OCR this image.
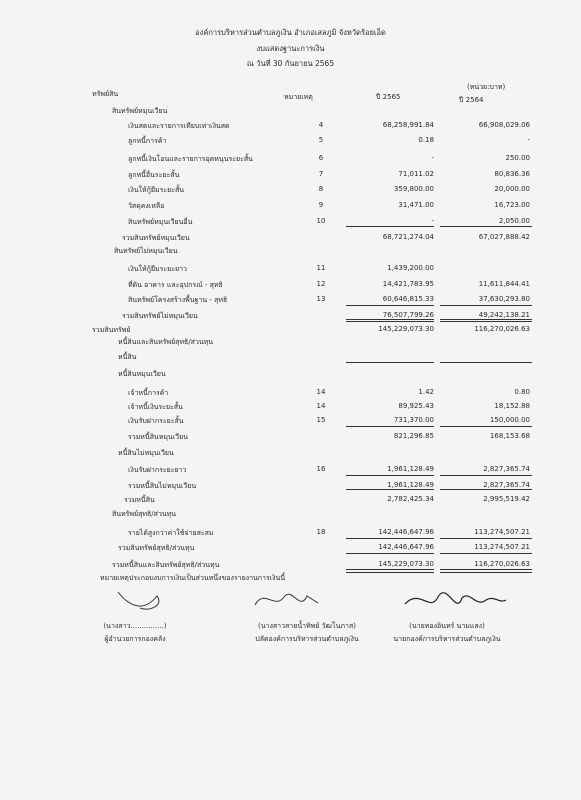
องค์การบริหารส่วนตำบลภูเงิน อำเภอเสลภูมิ จังหวัดร้อยเอ็ด
งบแสดงฐานะการเงิน
ณ วันที่ 30 กันยายน 2565
(หน่วย:บาท)
ทรัพย์สิน	หมายเหตุ	ปี 2565	ปี 2564
สินทรัพย์หมุนเวียน
เงินสดและรายการเทียบเท่าเงินสด	4	68,258,991.84	66,908,029.06
ลูกหนี้การค้า	5	0.18	-
ลูกหนี้เงินโอนและรายการอุดหนุนระยะสั้น	6	-	250.00
ลูกหนี้อื่นระยะสั้น	7	71,011.02	80,836.36
เงินให้กู้ยืมระยะสั้น	8	359,800.00	20,000.00
วัสดุคงเหลือ	9	31,471.00	16,723.00
สินทรัพย์หมุนเวียนอื่น	10	-	2,050.00
รวมสินทรัพย์หมุนเวียน	68,721,274.04	67,027,888.42
สินทรัพย์ไม่หมุนเวียน
เงินให้กู้ยืมระยะยาว	11	1,439,200.00
ที่ดิน อาคาร และอุปกรณ์ - สุทธิ	12	14,421,783.95	11,611,844.41
สินทรัพย์โครงสร้างพื้นฐาน - สุทธิ	13	60,646,815.33	37,630,293.80
รวมสินทรัพย์ไม่หมุนเวียน	76,507,799.26	49,242,138.21
รวมสินทรัพย์	145,229,073.30	116,270,026.63
หนี้สินและสินทรัพย์สุทธิ/ส่วนทุน
หนี้สิน
หนี้สินหมุนเวียน
เจ้าหนี้การค้า	14	1.42	0.80
เจ้าหนี้เงินระยะสั้น	14	89,925.43	18,152.88
เงินรับฝากระยะสั้น	15	731,370.00	150,000.00
รวมหนี้สินหมุนเวียน	821,296.85	168,153.68
หนี้สินไม่หมุนเวียน
เงินรับฝากระยะยาว	16	1,961,128.49	2,827,365.74
รวมหนี้สินไม่หมุนเวียน	1,961,128.49	2,827,365.74
รวมหนี้สิน	2,782,425.34	2,995,519.42
สินทรัพย์สุทธิ/ส่วนทุน
รายได้สูงกว่าค่าใช้จ่ายสะสม	18	142,446,647.96	113,274,507.21
รวมสินทรัพย์สุทธิ/ส่วนทุน	142,446,647.96	113,274,507.21
รวมหนี้สินและสินทรัพย์สุทธิ/ส่วนทุน	145,229,073.30	116,270,026.63
หมายเหตุประกอบงบการเงินเป็นส่วนหนึ่งของรายงานการเงินนี้
(นางสาว...............)
ผู้อำนวยการกองคลัง
(นางสาวสายน้ำทิพย์ วัฒโนภาส)
ปลัดองค์การบริหารส่วนตำบลภูเงิน
(นายทองอินทร์ นามแสง)
นายกองค์การบริหารส่วนตำบลภูเงิน
